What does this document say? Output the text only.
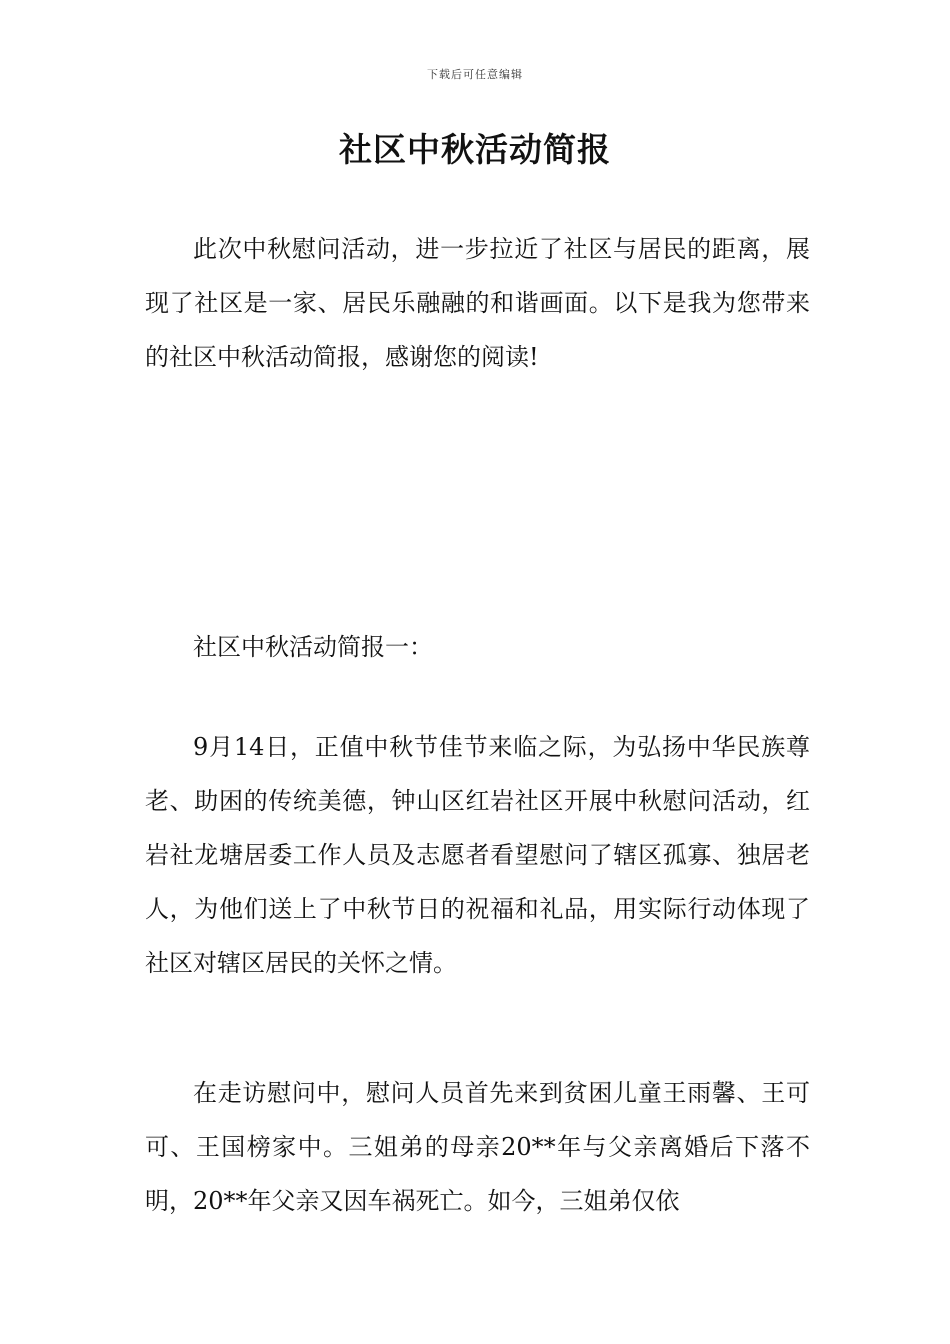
下载后可任意编辑
社区中秋活动简报

此次中秋慰问活动，进一步拉近了社区与居民的距离，展现了社区是一家、居民乐融融的和谐画面。以下是我为您带来的社区中秋活动简报，感谢您的阅读!

社区中秋活动简报一：

9月14日，正值中秋节佳节来临之际，为弘扬中华民族尊老、助困的传统美德，钟山区红岩社区开展中秋慰问活动，红岩社龙塘居委工作人员及志愿者看望慰问了辖区孤寡、独居老人，为他们送上了中秋节日的祝福和礼品，用实际行动体现了社区对辖区居民的关怀之情。

在走访慰问中，慰问人员首先来到贫困儿童王雨馨、王可可、王国榜家中。三姐弟的母亲20**年与父亲离婚后下落不明，20**年父亲又因车祸死亡。如今，三姐弟仅依
